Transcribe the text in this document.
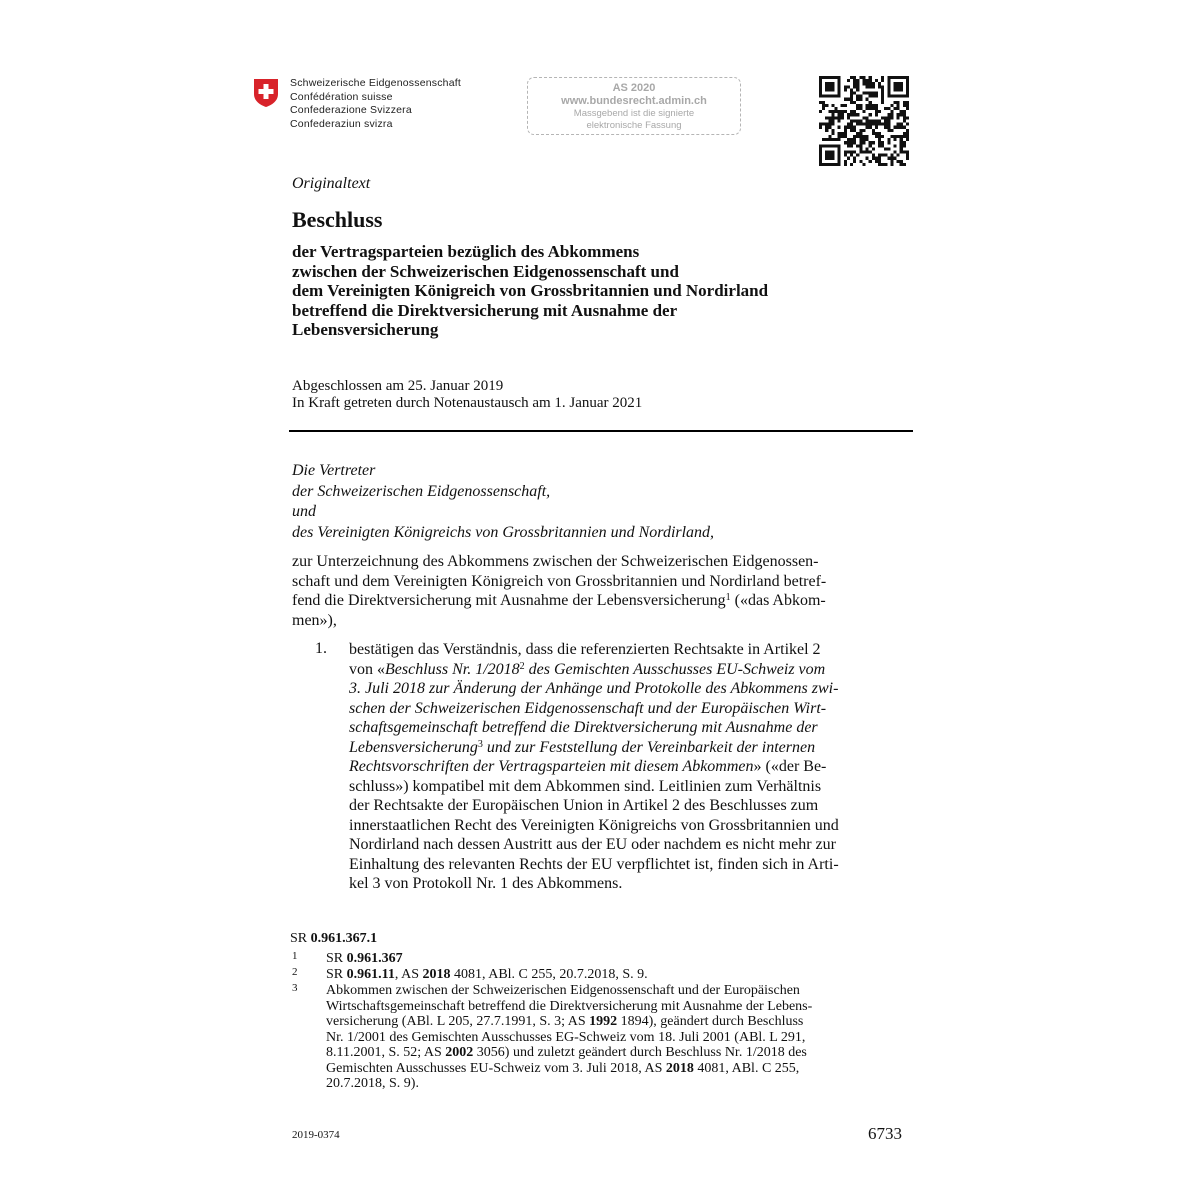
Schweizerische Eidgenossenschaft
Confédération suisse
Confederazione Svizzera
Confederaziun svizra
AS 2020
www.bundesrecht.admin.ch
Massgebend ist die signierte
elektronische Fassung
Originaltext
Beschluss
der Vertragsparteien bezüglich des Abkommens
zwischen der Schweizerischen Eidgenossenschaft und
dem Vereinigten Königreich von Grossbritannien und Nordirland
betreffend die Direktversicherung mit Ausnahme der
Lebensversicherung
Abgeschlossen am 25. Januar 2019
In Kraft getreten durch Notenaustausch am 1. Januar 2021
Die Vertreter
der Schweizerischen Eidgenossenschaft,
und
des Vereinigten Königreichs von Grossbritannien und Nordirland,
zur Unterzeichnung des Abkommens zwischen der Schweizerischen Eidgenossen-
schaft und dem Vereinigten Königreich von Grossbritannien und Nordirland betref-
fend die Direktversicherung mit Ausnahme der Lebensversicherung$^1$ («das Abkom-
men»),
1. bestätigen das Verständnis, dass die referenzierten Rechtsakte in Artikel 2
von «Beschluss Nr. 1/2018$^2$ des Gemischten Ausschusses EU-Schweiz vom
3. Juli 2018 zur Änderung der Anhänge und Protokolle des Abkommens zwi-
schen der Schweizerischen Eidgenossenschaft und der Europäischen Wirt-
schaftsgemeinschaft betreffend die Direktversicherung mit Ausnahme der
Lebensversicherung$^3$ und zur Feststellung der Vereinbarkeit der internen
Rechtsvorschriften der Vertragsparteien mit diesem Abkommen» («der Be-
schluss») kompatibel mit dem Abkommen sind. Leitlinien zum Verhältnis
der Rechtsakte der Europäischen Union in Artikel 2 des Beschlusses zum
innerstaatlichen Recht des Vereinigten Königreichs von Grossbritannien und
Nordirland nach dessen Austritt aus der EU oder nachdem es nicht mehr zur
Einhaltung des relevanten Rechts der EU verpflichtet ist, finden sich in Arti-
kel 3 von Protokoll Nr. 1 des Abkommens.
SR 0.961.367.1
1 SR 0.961.367
2 SR 0.961.11, AS 2018 4081, ABl. C 255, 20.7.2018, S. 9.
3 Abkommen zwischen der Schweizerischen Eidgenossenschaft und der Europäischen
Wirtschaftsgemeinschaft betreffend die Direktversicherung mit Ausnahme der Lebens-
versicherung (ABl. L 205, 27.7.1991, S. 3; AS 1992 1894), geändert durch Beschluss
Nr. 1/2001 des Gemischten Ausschusses EG-Schweiz vom 18. Juli 2001 (ABl. L 291,
8.11.2001, S. 52; AS 2002 3056) und zuletzt geändert durch Beschluss Nr. 1/2018 des
Gemischten Ausschusses EU-Schweiz vom 3. Juli 2018, AS 2018 4081, ABl. C 255,
20.7.2018, S. 9).
2019-0374	6733
